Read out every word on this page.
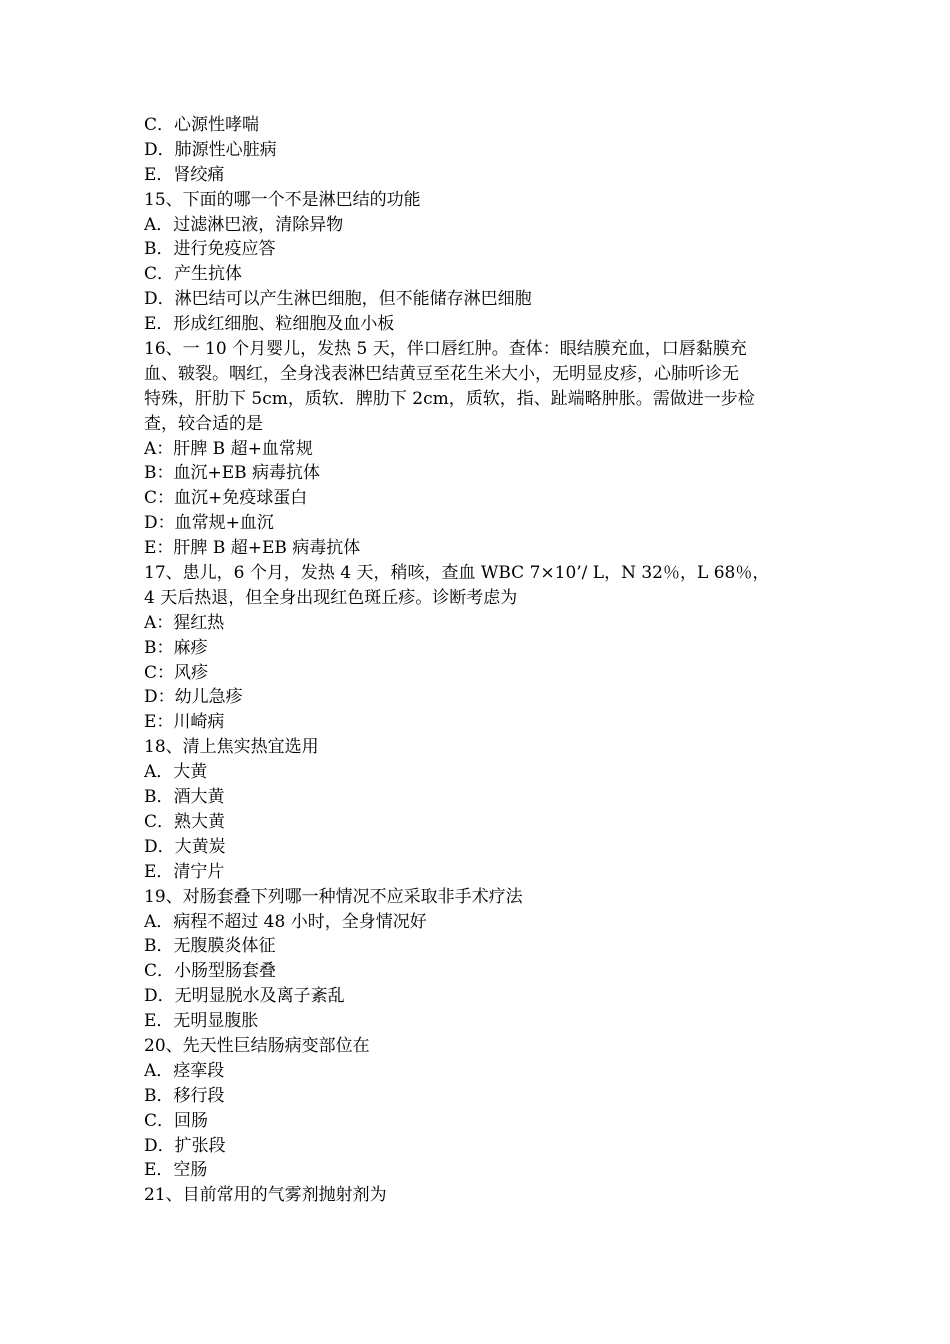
C．心源性哮喘
D．肺源性心脏病
E．肾绞痛
15、下面的哪一个不是淋巴结的功能
A．过滤淋巴液，清除异物
B．进行免疫应答
C．产生抗体
D．淋巴结可以产生淋巴细胞，但不能储存淋巴细胞
E．形成红细胞、粒细胞及血小板
16、一 10 个月婴儿，发热 5 天，伴口唇红肿。查体：眼结膜充血，口唇黏膜充
血、皲裂。咽红，全身浅表淋巴结黄豆至花生米大小，无明显皮疹，心肺听诊无
特殊，肝肋下 5cm，质软．脾肋下 2cm，质软，指、趾端略肿胀。需做进一步检
查，较合适的是
A：肝脾 B 超+血常规
B：血沉+EB 病毒抗体
C：血沉+免疫球蛋白
D：血常规+血沉
E：肝脾 B 超+EB 病毒抗体
17、患儿，6 个月，发热 4 天，稍咳，查血 WBC 7×10’/ L，N 32％，L 68％，
4 天后热退，但全身出现红色斑丘疹。诊断考虑为
A：猩红热
B：麻疹
C：风疹
D：幼儿急疹
E：川崎病
18、清上焦实热宜选用
A．大黄
B．酒大黄
C．熟大黄
D．大黄炭
E．清宁片
19、对肠套叠下列哪一种情况不应采取非手术疗法
A．病程不超过 48 小时，全身情况好
B．无腹膜炎体征
C．小肠型肠套叠
D．无明显脱水及离子紊乱
E．无明显腹胀
20、先天性巨结肠病变部位在
A．痉挛段
B．移行段
C．回肠
D．扩张段
E．空肠
21、目前常用的气雾剂抛射剂为
